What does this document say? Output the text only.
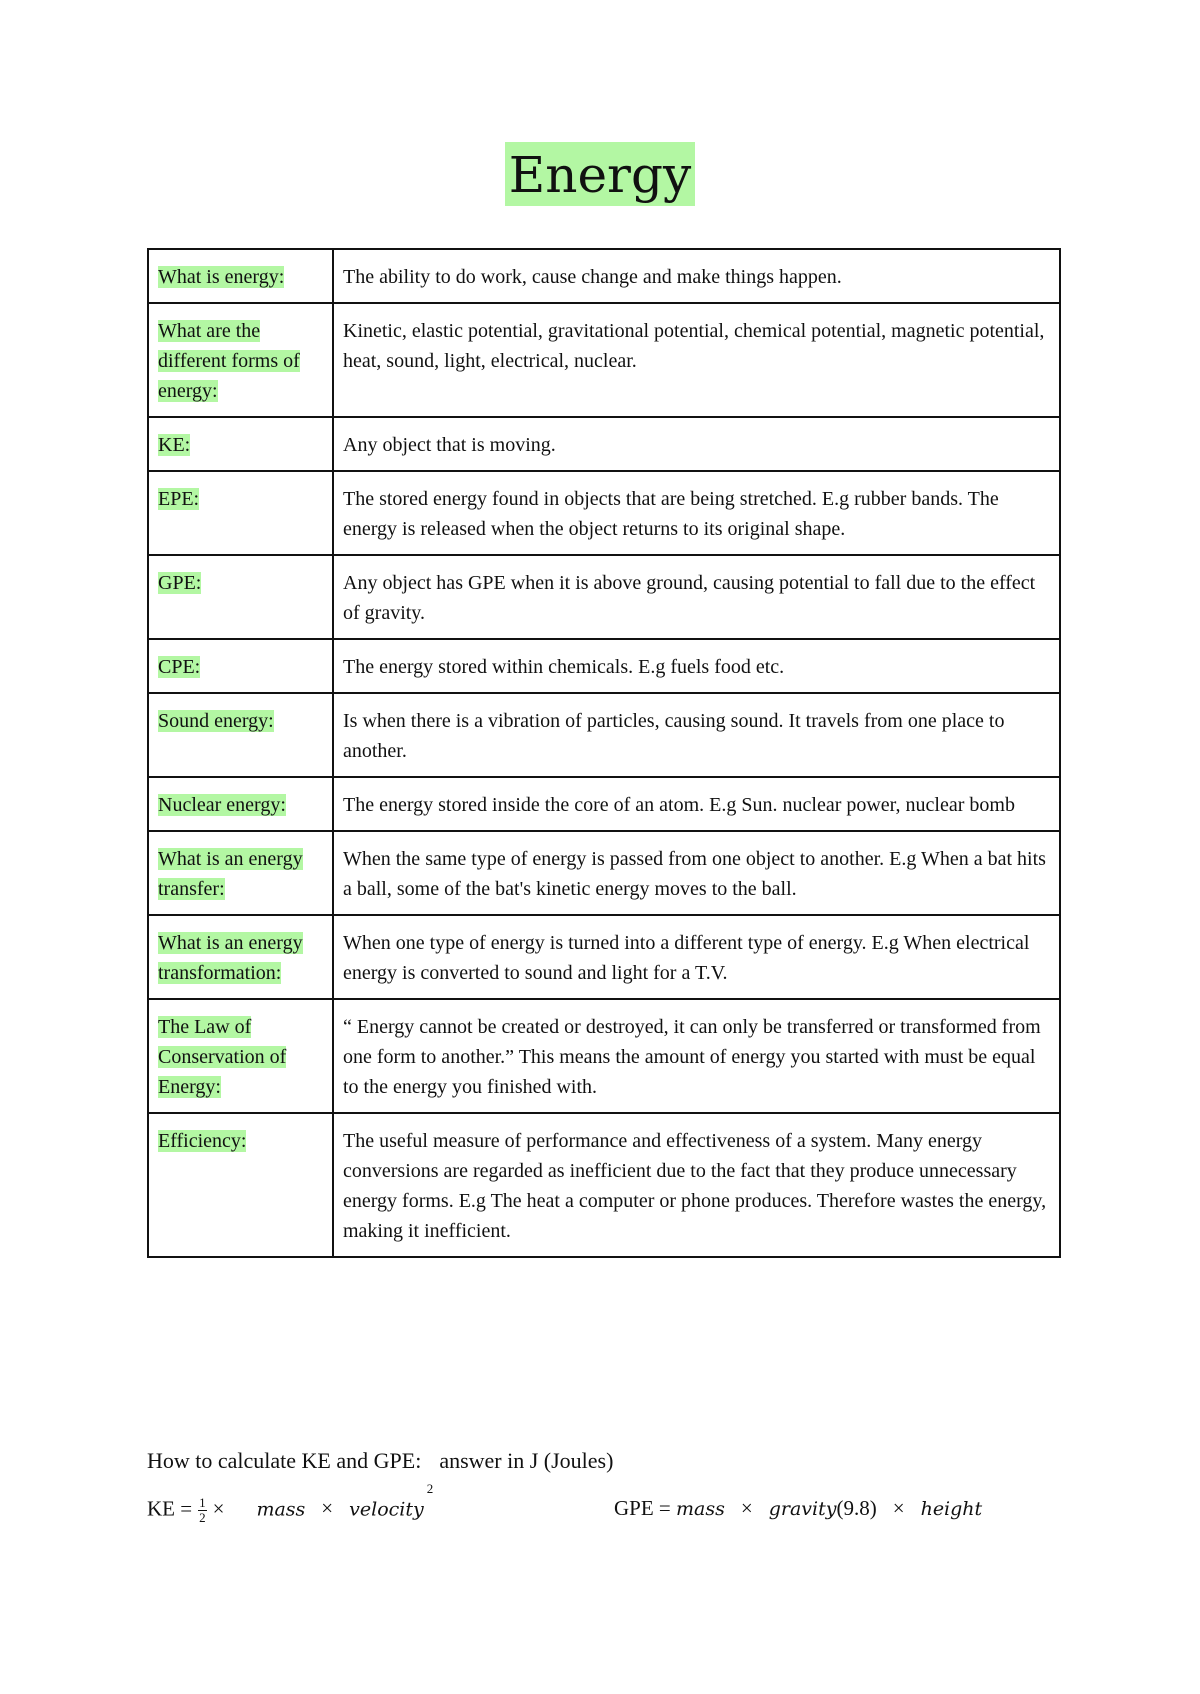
Energy
What is energy:	The ability to do work, cause change and make things happen.
What are the different forms of energy:	Kinetic, elastic potential, gravitational potential, chemical potential, magnetic potential, heat, sound, light, electrical, nuclear.
KE:	Any object that is moving.
EPE:	The stored energy found in objects that are being stretched. E.g rubber bands. The energy is released when the object returns to its original shape.
GPE:	Any object has GPE when it is above ground, causing potential to fall due to the effect of gravity.
CPE:	The energy stored within chemicals. E.g fuels food etc.
Sound energy:	Is when there is a vibration of particles, causing sound. It travels from one place to another.
Nuclear energy:	The energy stored inside the core of an atom. E.g Sun. nuclear power, nuclear bomb
What is an energy transfer:	When the same type of energy is passed from one object to another. E.g When a bat hits a ball, some of the bat's kinetic energy moves to the ball.
What is an energy transformation:	When one type of energy is turned into a different type of energy. E.g When electrical energy is converted to sound and light for a T.V.
The Law of Conservation of Energy:	“ Energy cannot be created or destroyed, it can only be transferred or transformed from one form to another.” This means the amount of energy you started with must be equal to the energy you finished with.
Efficiency:	The useful measure of performance and effectiveness of a system. Many energy conversions are regarded as inefficient due to the fact that they produce unnecessary energy forms. E.g The heat a computer or phone produces. Therefore wastes the energy, making it inefficient.
How to calculate KE and GPE: answer in J (Joules)
KE = $\frac{1}{2}$ × mass × velocity$^2$
GPE = mass × gravity(9.8) × height
